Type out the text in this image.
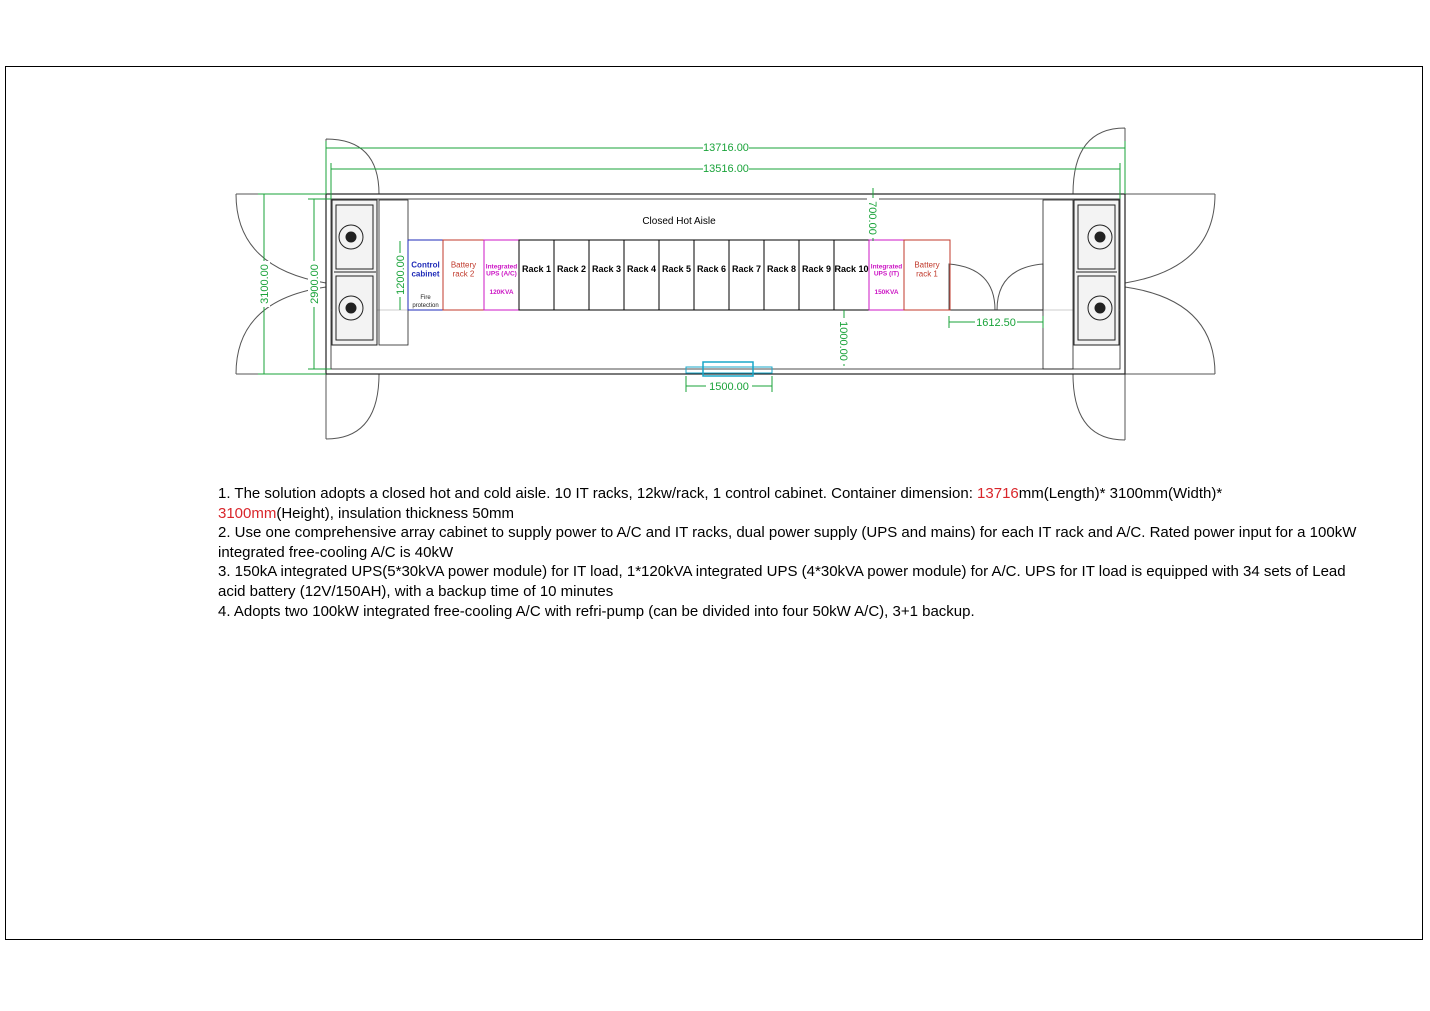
Control
cabinet
Fire
protection
Battery
rack 2
Integrated
UPS (A/C)
120KVA
Rack 1 Rack 2 Rack 3 Rack 4 Rack 5 Rack 6 Rack 7 Rack 8 Rack 9 Rack 10 Integrated
UPS (IT)
150KVA
Battery
rack 1
Closed Hot Aisle
13716.00
13516.00
3100.00	2900.00	1200.00
700.00
1000.00	1612.50
1500.00

1. The solution adopts a closed hot and cold aisle. 10 IT racks, 12kw/rack, 1 control cabinet. Container dimension: 13716mm(Length)* 3100mm(Width)*
3100mm(Height), insulation thickness 50mm

2. Use one comprehensive array cabinet to supply power to A/C and IT racks, dual power supply (UPS and mains) for each IT rack and A/C. Rated power input for a 100kW integrated free-cooling A/C is 40kW

3. 150kA integrated UPS(5*30kVA power module) for IT load, 1*120kVA integrated UPS (4*30kVA power module) for A/C. UPS for IT load is equipped with 34 sets of Lead acid battery (12V/150AH), with a backup time of 10 minutes

4. Adopts two 100kW integrated free-cooling A/C with refri-pump (can be divided into four 50kW A/C), 3+1 backup.
